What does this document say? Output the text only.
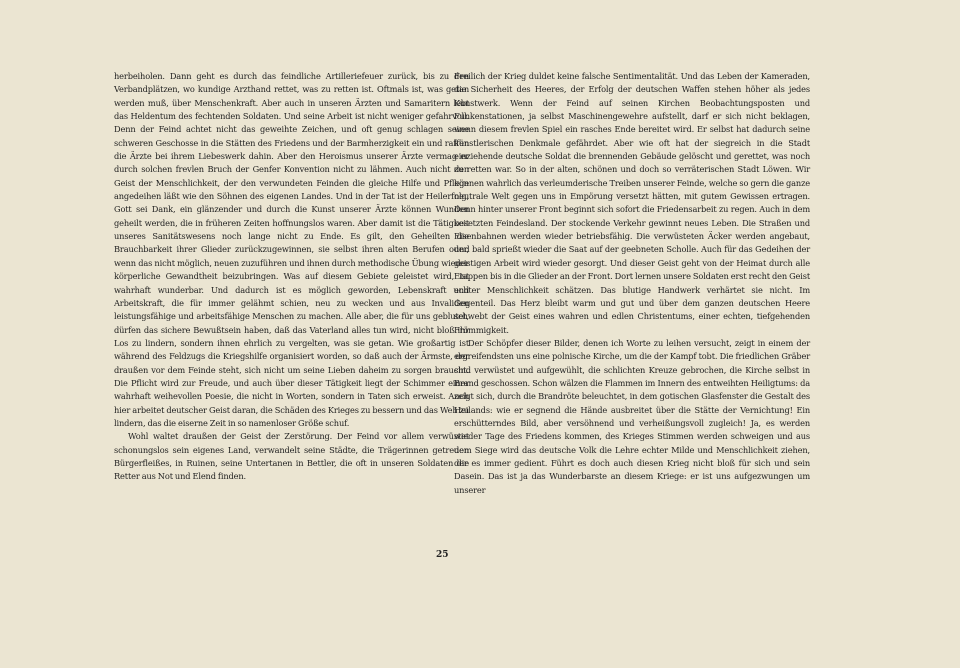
herbeiholen. Dann geht es durch das feindliche Artilleriefeuer zurück, bis zu den Verbandplätzen, wo kundige Arzthand rettet, was zu retten ist. Oftmals ist, was getan werden muß, über Menschenkraft. Aber auch in unseren Ärzten und Samaritern lebt das Heldentum des fechtenden Soldaten. Und seine Arbeit ist nicht weniger gefahrvoll. Denn der Feind achtet nicht das geweihte Zeichen, und oft genug schlagen seine schweren Geschosse in die Stätten des Friedens und der Barmherzigkeit ein und raffen die Ärzte bei ihrem Liebeswerk dahin. Aber den Heroismus unserer Ärzte vermag er durch solchen frevlen Bruch der Genfer Konvention nicht zu lähmen. Auch nicht den Geist der Menschlichkeit, der den verwundeten Feinden die gleiche Hilfe und Pflege angedeihen läßt wie den Söhnen des eigenen Landes. Und in der Tat ist der Heilerfolg, Gott sei Dank, ein glänzender und durch die Kunst unserer Ärzte können Wunden geheilt werden, die in früheren Zeiten hoffnungslos waren. Aber damit ist die Tätigkeit unseres Sanitätswesens noch lange nicht zu Ende. Es gilt, den Geheilten die Brauchbarkeit ihrer Glieder zurückzugewinnen, sie selbst ihren alten Berufen oder, wenn das nicht möglich, neuen zuzuführen und ihnen durch methodische Übung wieder körperliche Gewandtheit beizubringen. Was auf diesem Gebiete geleistet wird, ist wahrhaft wunderbar. Und dadurch ist es möglich geworden, Lebenskraft und Arbeitskraft, die für immer gelähmt schien, neu zu wecken und aus Invaliden leistungsfähige und arbeitsfähige Menschen zu machen. Alle aber, die für uns geblutet, dürfen das sichere Bewußtsein haben, daß das Vaterland alles tun wird, nicht bloß ihr Los zu lindern, sondern ihnen ehrlich zu vergelten, was sie getan. Wie großartig ist während des Feldzugs die Kriegshilfe organisiert worden, so daß auch der Ärmste, der draußen vor dem Feinde steht, sich nicht um seine Lieben daheim zu sorgen braucht. Die Pflicht wird zur Freude, und auch über dieser Tätigkeit liegt der Schimmer einer wahrhaft weihevollen Poesie, die nicht in Worten, sondern in Taten sich erweist. Auch hier arbeitet deutscher Geist daran, die Schäden des Krieges zu bessern und das Weh zu lindern, das die eiserne Zeit in so namenloser Größe schuf.

Wohl waltet draußen der Geist der Zerstörung. Der Feind vor allem verwüstet schonungslos sein eigenes Land, verwandelt seine Städte, die Trägerinnen getreuen Bürgerfleißes, in Ruinen, seine Untertanen in Bettler, die oft in unseren Soldaten die Retter aus Not und Elend finden.

Freilich der Krieg duldet keine falsche Sentimentalität. Und das Leben der Kameraden, die Sicherheit des Heeres, der Erfolg der deutschen Waffen stehen höher als jedes Kunstwerk. Wenn der Feind auf seinen Kirchen Beobachtungsposten und Funkenstationen, ja selbst Maschinengewehre aufstellt, darf er sich nicht beklagen, wenn diesem frevlen Spiel ein rasches Ende bereitet wird. Er selbst hat dadurch seine künstlerischen Denkmale gefährdet. Aber wie oft hat der siegreich in die Stadt einziehende deutsche Soldat die brennenden Gebäude gelöscht und gerettet, was noch zu retten war. So in der alten, schönen und doch so verräterischen Stadt Löwen. Wir können wahrlich das verleumderische Treiben unserer Feinde, welche so gern die ganze neutrale Welt gegen uns in Empörung versetzt hätten, mit gutem Gewissen ertragen. Denn hinter unserer Front beginnt sich sofort die Friedensarbeit zu regen. Auch in dem besetzten Feindesland. Der stockende Verkehr gewinnt neues Leben. Die Straßen und Eisenbahnen werden wieder betriebsfähig. Die verwüsteten Äcker werden angebaut, und bald sprießt wieder die Saat auf der geebneten Scholle. Auch für das Gedeihen der geistigen Arbeit wird wieder gesorgt. Und dieser Geist geht von der Heimat durch alle Etappen bis in die Glieder an der Front. Dort lernen unsere Soldaten erst recht den Geist echter Menschlichkeit schätzen. Das blutige Handwerk verhärtet sie nicht. Im Gegenteil. Das Herz bleibt warm und gut und über dem ganzen deutschen Heere schwebt der Geist eines wahren und edlen Christentums, einer echten, tiefgehenden Frömmigkeit.

Der Schöpfer dieser Bilder, denen ich Worte zu leihen versucht, zeigt in einem der ergreifendsten uns eine polnische Kirche, um die der Kampf tobt. Die friedlichen Gräber sind verwüstet und aufgewühlt, die schlichten Kreuze gebrochen, die Kirche selbst in Brand geschossen. Schon wälzen die Flammen im Innern des entweihten Heiligtums: da zeigt sich, durch die Brandröte beleuchtet, in dem gotischen Glasfenster die Gestalt des Heilands: wie er segnend die Hände ausbreitet über die Stätte der Vernichtung! Ein erschütterndes Bild, aber versöhnend und verheißungsvoll zugleich! Ja, es werden wieder Tage des Friedens kommen, des Krieges Stimmen werden schweigen und aus dem Siege wird das deutsche Volk die Lehre echter Milde und Menschlichkeit ziehen, der es immer gedient. Führt es doch auch diesen Krieg nicht bloß für sich und sein Dasein. Das ist ja das Wunderbarste an diesem Kriege: er ist uns aufgezwungen um unserer

25
